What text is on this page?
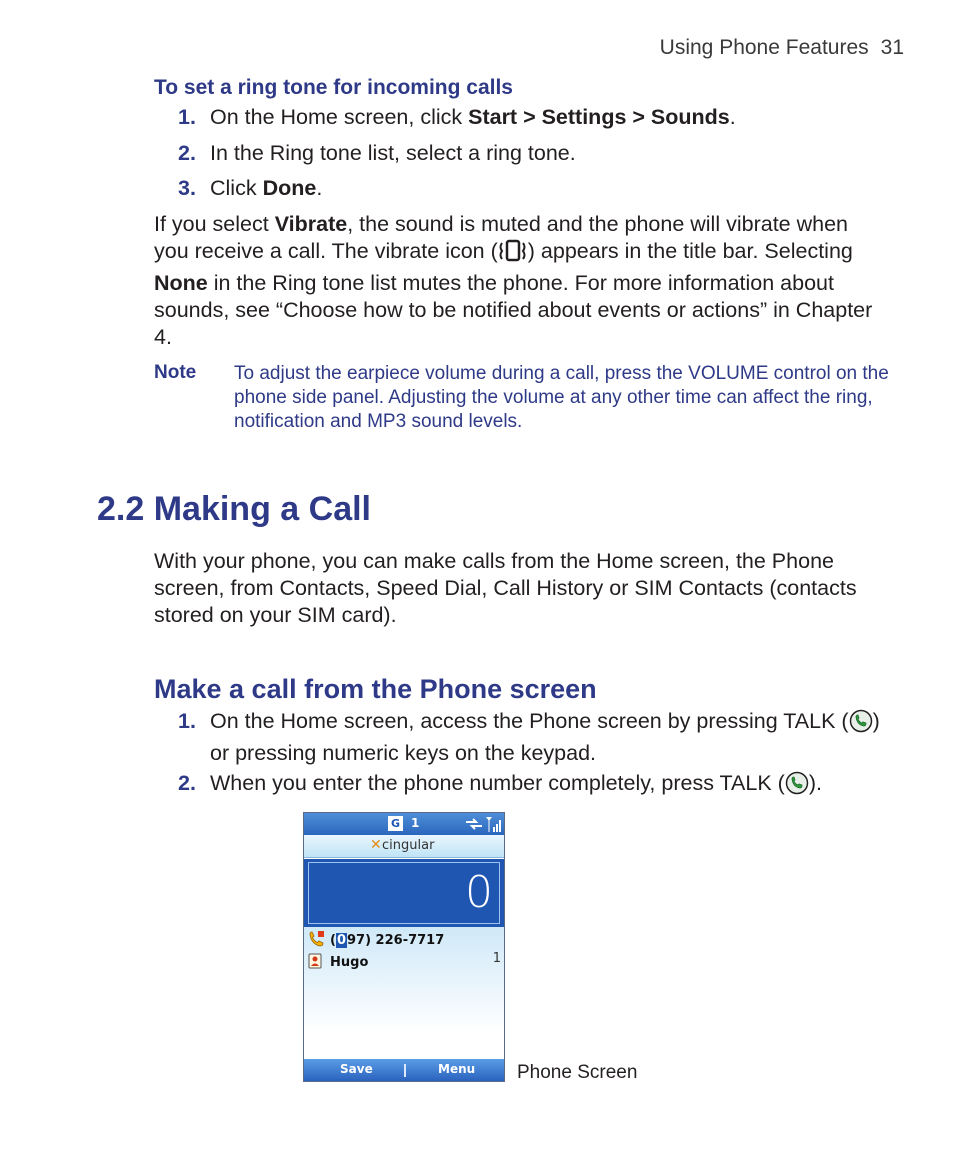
Using Phone Features 31
To set a ring tone for incoming calls
1. On the Home screen, click Start > Settings > Sounds.
2. In the Ring tone list, select a ring tone.
3. Click Done.
If you select Vibrate, the sound is muted and the phone will vibrate when you receive a call. The vibrate icon ( ) appears in the title bar. Selecting None in the Ring tone list mutes the phone. For more information about sounds, see “Choose how to be notified about events or actions” in Chapter 4.
Note To adjust the earpiece volume during a call, press the VOLUME control on the phone side panel. Adjusting the volume at any other time can affect the ring, notification and MP3 sound levels.
2.2 Making a Call
With your phone, you can make calls from the Home screen, the Phone screen, from Contacts, Speed Dial, Call History or SIM Contacts (contacts stored on your SIM card).
Make a call from the Phone screen
1. On the Home screen, access the Phone screen by pressing TALK ( ) or pressing numeric keys on the keypad.
2. When you enter the phone number completely, press TALK ( ).
G 1
✕ cingular
0
(097) 226-7717
Hugo	1
Save	Menu Phone Screen
